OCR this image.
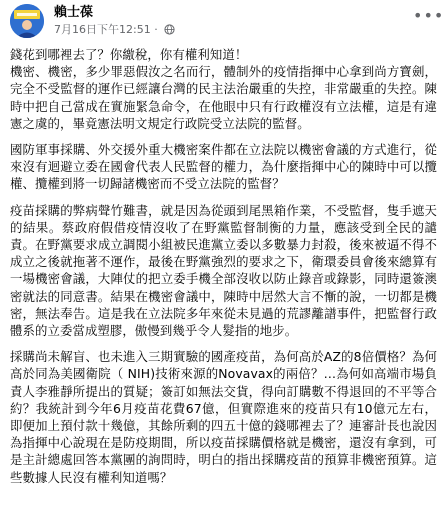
賴士葆
7月16日下午12:51 ·
•••

錢花到哪裡去了？你繳稅，你有權利知道！
機密、機密，多少罪惡假汝之名而行，體制外的疫情指揮中心拿到尚方寶劍，完全不受監督的運作已經讓台灣的民主法治嚴重的失控，非常嚴重的失控。陳時中把自己當成在實施緊急命令，在他眼中只有行政權沒有立法權，這是有違憲之虞的，畢竟憲法明文規定行政院受立法院的監督。

國防軍事採購、外交援外重大機密案件都在立法院以機密會議的方式進行，從來沒有迴避立委在國會代表人民監督的權力，為什麼指揮中心的陳時中可以攬權、攬權到將一切歸諸機密而不受立法院的監督？

疫苗採購的弊病聲竹難書，就是因為從頭到尾黑箱作業，不受監督，隻手遮天的結果。蔡政府假借疫情沒收了在野黨監督制衡的力量，應該受到全民的譴責。在野黨要求成立調閱小組被民進黨立委以多數暴力封殺，後來被逼不得不成立之後就拖著不運作，最後在野黨強烈的要求之下，衛環委員會後來總算有一場機密會議，大陣仗的把立委手機全部沒收以防止錄音或錄影，同時還簽澳密就法的同意書。結果在機密會議中，陳時中居然大言不慚的說，一切都是機密，無法奉告。這是我在立法院多年來從未見過的荒謬離譜事件，把監督行政體系的立委當成塑膠，傲慢到幾乎令人髮指的地步。

採購尚未解盲、也未進入三期實驗的國產疫苗，為何高於AZ的8倍價格？為何高於同為美國衛院（ NIH)技術來源的Novavax的兩倍？…為何如高端市場負責人李雅靜所提出的質疑；簽訂如無法交貨，得向訂購數不得退回的不平等合約？我統計到今年6月疫苗花費67億，但實際進來的疫苗只有10億元左右，即便加上預付款十幾億，其餘所剩的四五十億的錢哪裡去了？連審計長也說因為指揮中心說現在是防疫期間，所以疫苗採購價格就是機密，還沒有拿到，可是主計總處回答本黨團的詢問時，明白的指出採購疫苗的預算非機密預算。這些數據人民沒有權利知道嗎？
